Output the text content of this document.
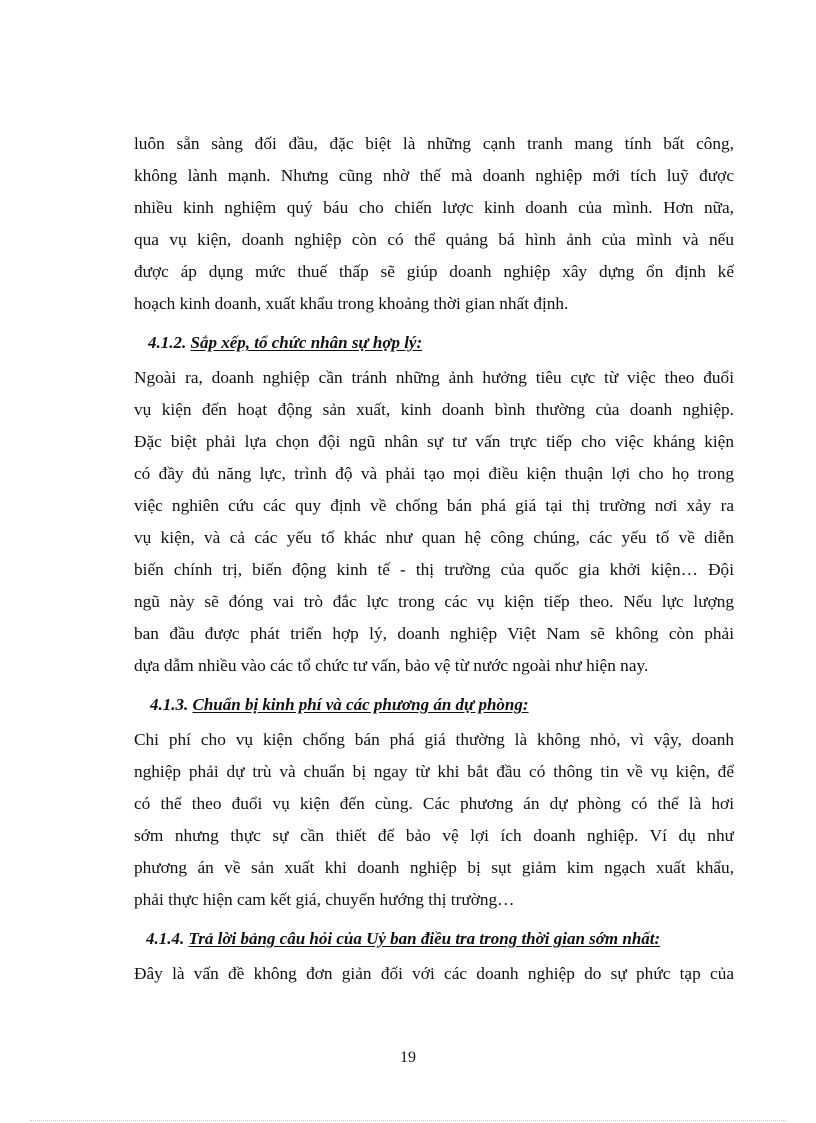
luôn sẵn sàng đối đầu, đặc biệt là những cạnh tranh mang tính bất công,
không lành mạnh. Nhưng cũng nhờ thế mà doanh nghiệp mới tích luỹ được
nhiều kinh nghiệm quý báu cho chiến lược kinh doanh của mình. Hơn nữa,
qua vụ kiện, doanh nghiệp còn có thể quảng bá hình ảnh của mình và nếu
được áp dụng mức thuế thấp sẽ giúp doanh nghiệp xây dựng ổn định kế
hoạch kinh doanh, xuất khẩu trong khoảng thời gian nhất định.

4.1.2. Sắp xếp, tổ chức nhân sự hợp lý:

Ngoài ra, doanh nghiệp cần tránh những ảnh hưởng tiêu cực từ việc theo đuổi
vụ kiện đến hoạt động sản xuất, kinh doanh bình thường của doanh nghiệp.
Đặc biệt phải lựa chọn đội ngũ nhân sự tư vấn trực tiếp cho việc kháng kiện
có đầy đủ năng lực, trình độ và phải tạo mọi điều kiện thuận lợi cho họ trong
việc nghiên cứu các quy định về chống bán phá giá tại thị trường nơi xảy ra
vụ kiện, và cả các yếu tố khác như quan hệ công chúng, các yếu tố về diễn
biến chính trị, biến động kinh tế - thị trường của quốc gia khởi kiện… Đội
ngũ này sẽ đóng vai trò đắc lực trong các vụ kiện tiếp theo. Nếu lực lượng
ban đầu được phát triển hợp lý, doanh nghiệp Việt Nam sẽ không còn phải
dựa dẫm nhiều vào các tổ chức tư vấn, bảo vệ từ nước ngoài như hiện nay.

4.1.3. Chuẩn bị kinh phí và các phương án dự phòng:

Chi phí cho vụ kiện chống bán phá giá thường là không nhỏ, vì vậy, doanh
nghiệp phải dự trù và chuẩn bị ngay từ khi bắt đầu có thông tin về vụ kiện, để
có thể theo đuổi vụ kiện đến cùng. Các phương án dự phòng có thể là hơi
sớm nhưng thực sự cần thiết để bảo vệ lợi ích doanh nghiệp. Ví dụ như
phương án về sản xuất khi doanh nghiệp bị sụt giảm kim ngạch xuất khẩu,
phải thực hiện cam kết giá, chuyển hướng thị trường…

4.1.4. Trả lời bảng câu hỏi của Uỷ ban điều tra trong thời gian sớm nhất:

Đây là vấn đề không đơn giản đối với các doanh nghiệp do sự phức tạp của

19
